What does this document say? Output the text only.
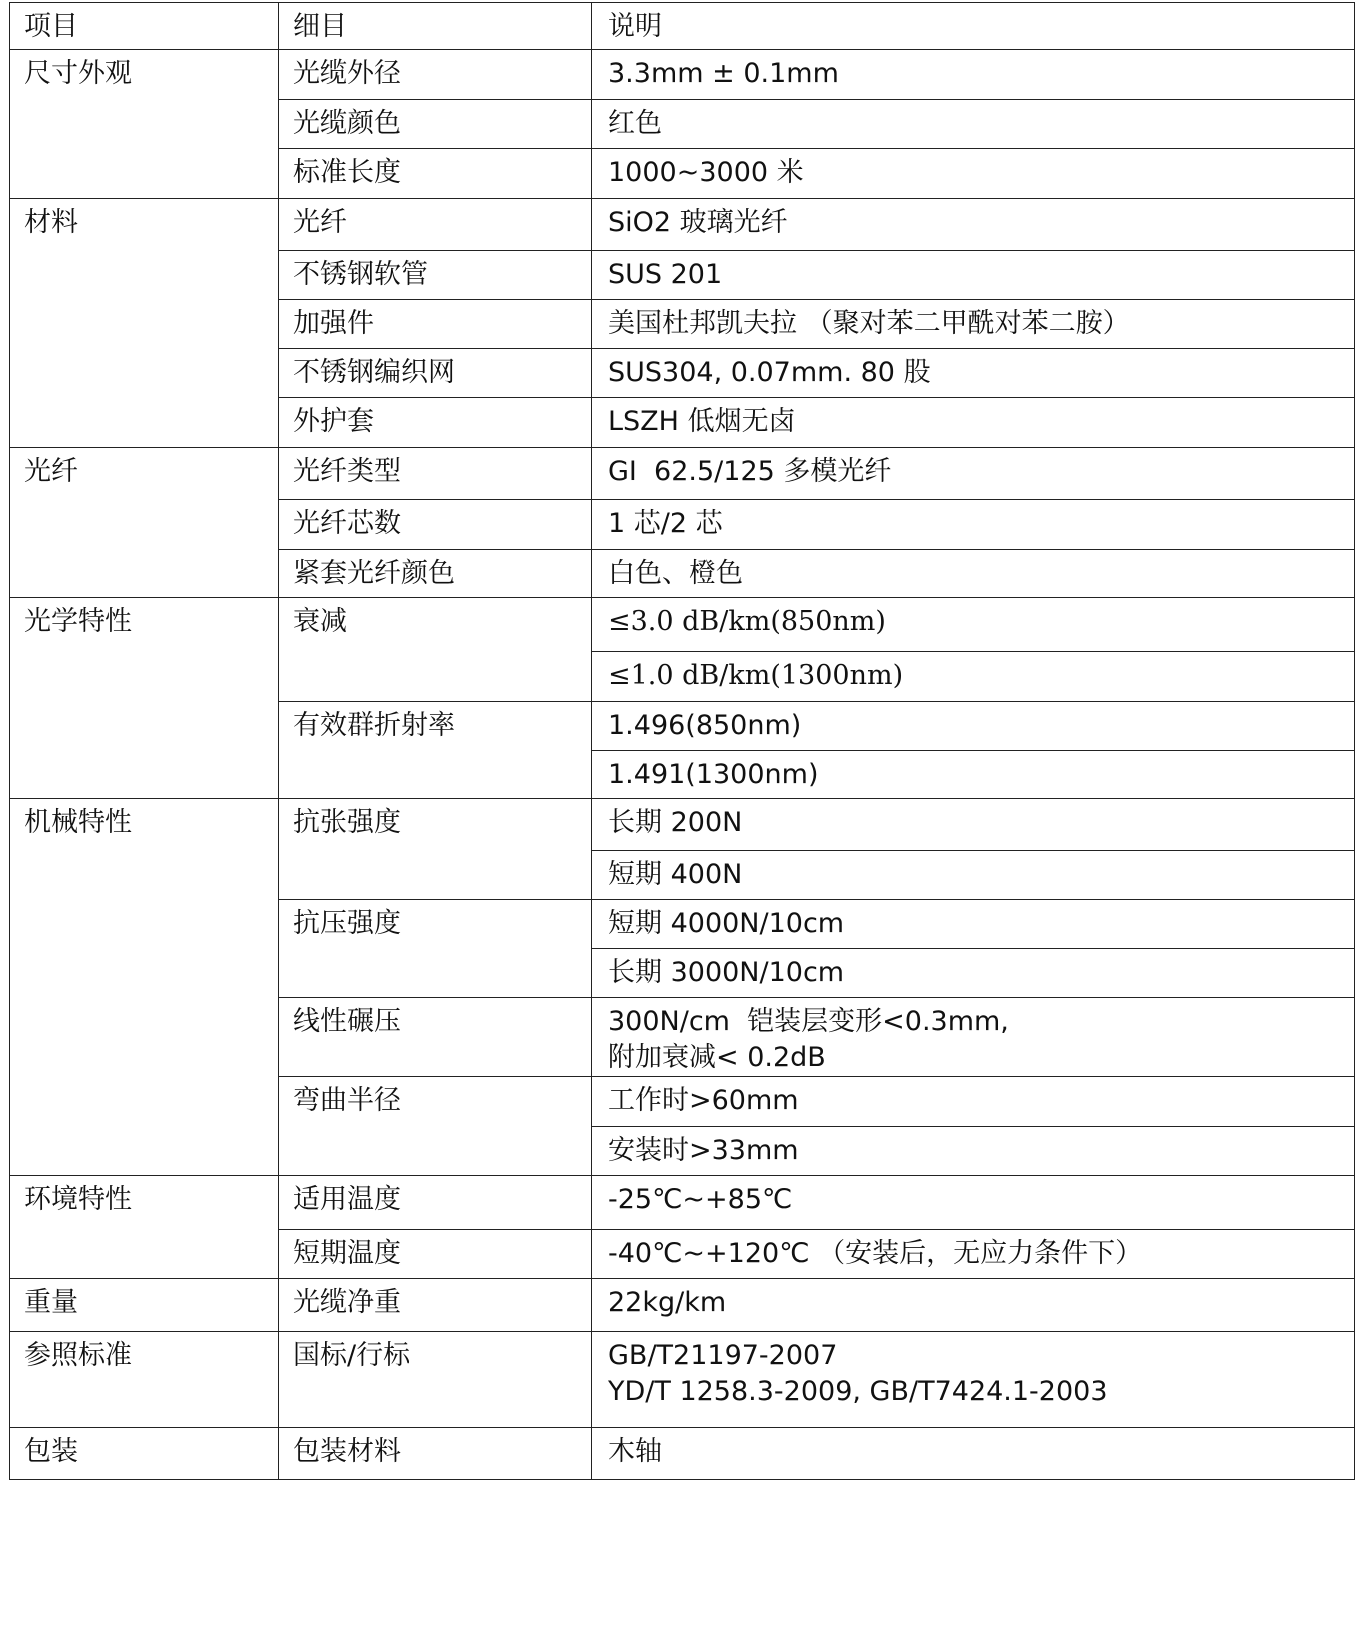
项目	细目	说明
尺寸外观	光缆外径	3.3mm ± 0.1mm
	光缆颜色	红色
	标准长度	1000~3000 米
材料	光纤	SiO2 玻璃光纤
	不锈钢软管	SUS 201
	加强件	美国杜邦凯夫拉 （聚对苯二甲酰对苯二胺）
	不锈钢编织网	SUS304, 0.07mm. 80 股
	外护套	LSZH 低烟无卤
光纤	光纤类型	GI  62.5/125 多模光纤
	光纤芯数	1 芯/2 芯
	紧套光纤颜色	白色、橙色
光学特性	衰减	≤3.0 dB/km(850nm)
		≤1.0 dB/km(1300nm)
	有效群折射率	1.496(850nm)
		1.491(1300nm)
机械特性	抗张强度	长期 200N
		短期 400N
	抗压强度	短期 4000N/10cm
		长期 3000N/10cm
	线性碾压	300N/cm  铠装层变形<0.3mm,
附加衰减< 0.2dB
	弯曲半径	工作时>60mm
		安装时>33mm
环境特性	适用温度	-25℃~+85℃
	短期温度	-40℃~+120℃ （安装后，无应力条件下）
重量	光缆净重	22kg/km
参照标准	国标/行标	GB/T21197-2007
YD/T 1258.3-2009, GB/T7424.1-2003
包装	包装材料	木轴
